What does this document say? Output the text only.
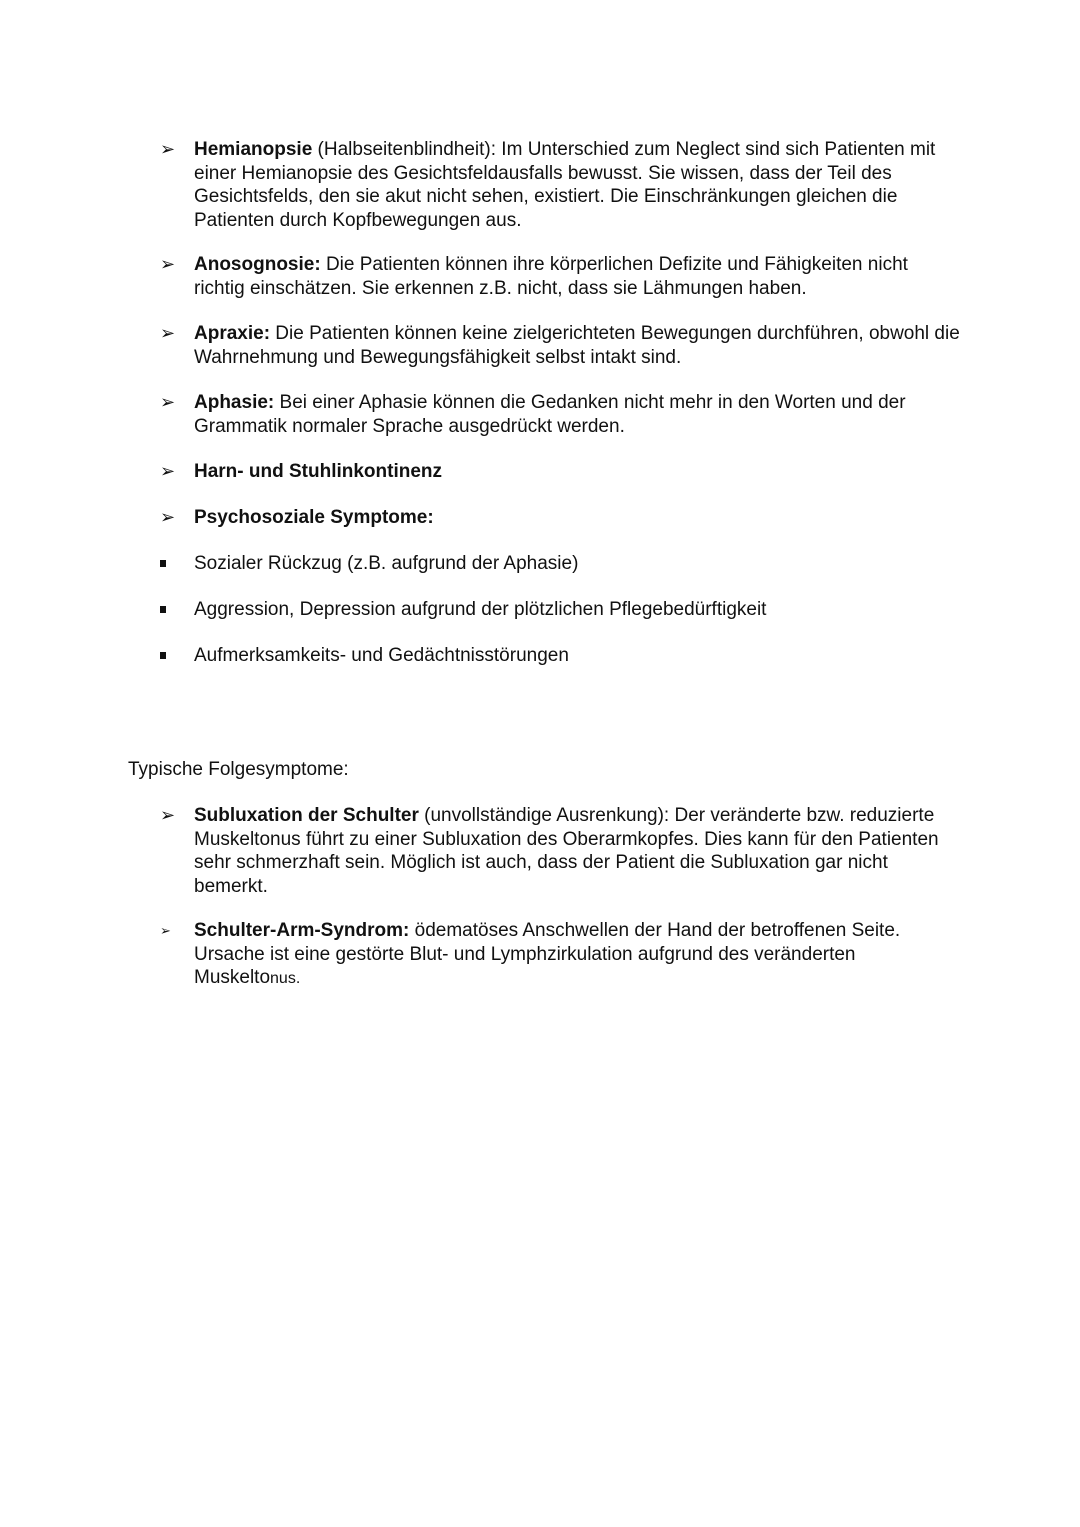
➢ Hemianopsie (Halbseitenblindheit): Im Unterschied zum Neglect sind sich Patienten mit einer Hemianopsie des Gesichtsfeldausfalls bewusst. Sie wissen, dass der Teil des Gesichtsfelds, den sie akut nicht sehen, existiert. Die Einschränkungen gleichen die Patienten durch Kopfbewegungen aus.
➢ Anosognosie: Die Patienten können ihre körperlichen Defizite und Fähigkeiten nicht richtig einschätzen. Sie erkennen z.B. nicht, dass sie Lähmungen haben.
➢ Apraxie: Die Patienten können keine zielgerichteten Bewegungen durchführen, obwohl die Wahrnehmung und Bewegungsfähigkeit selbst intakt sind.
➢ Aphasie: Bei einer Aphasie können die Gedanken nicht mehr in den Worten und der Grammatik normaler Sprache ausgedrückt werden.
➢ Harn- und Stuhlinkontinenz
➢ Psychosoziale Symptome:
Sozialer Rückzug (z.B. aufgrund der Aphasie)
Aggression, Depression aufgrund der plötzlichen Pflegebedürftigkeit
Aufmerksamkeits- und Gedächtnisstörungen
Typische Folgesymptome:
➢ Subluxation der Schulter (unvollständige Ausrenkung): Der veränderte bzw. reduzierte Muskeltonus führt zu einer Subluxation des Oberarmkopfes. Dies kann für den Patienten sehr schmerzhaft sein. Möglich ist auch, dass der Patient die Subluxation gar nicht bemerkt.
➢	Schulter-Arm-Syndrom: ödematöses Anschwellen der Hand der betroffenen Seite. Ursache ist eine gestörte Blut- und Lymphzirkulation aufgrund des veränderten Muskeltonus.
